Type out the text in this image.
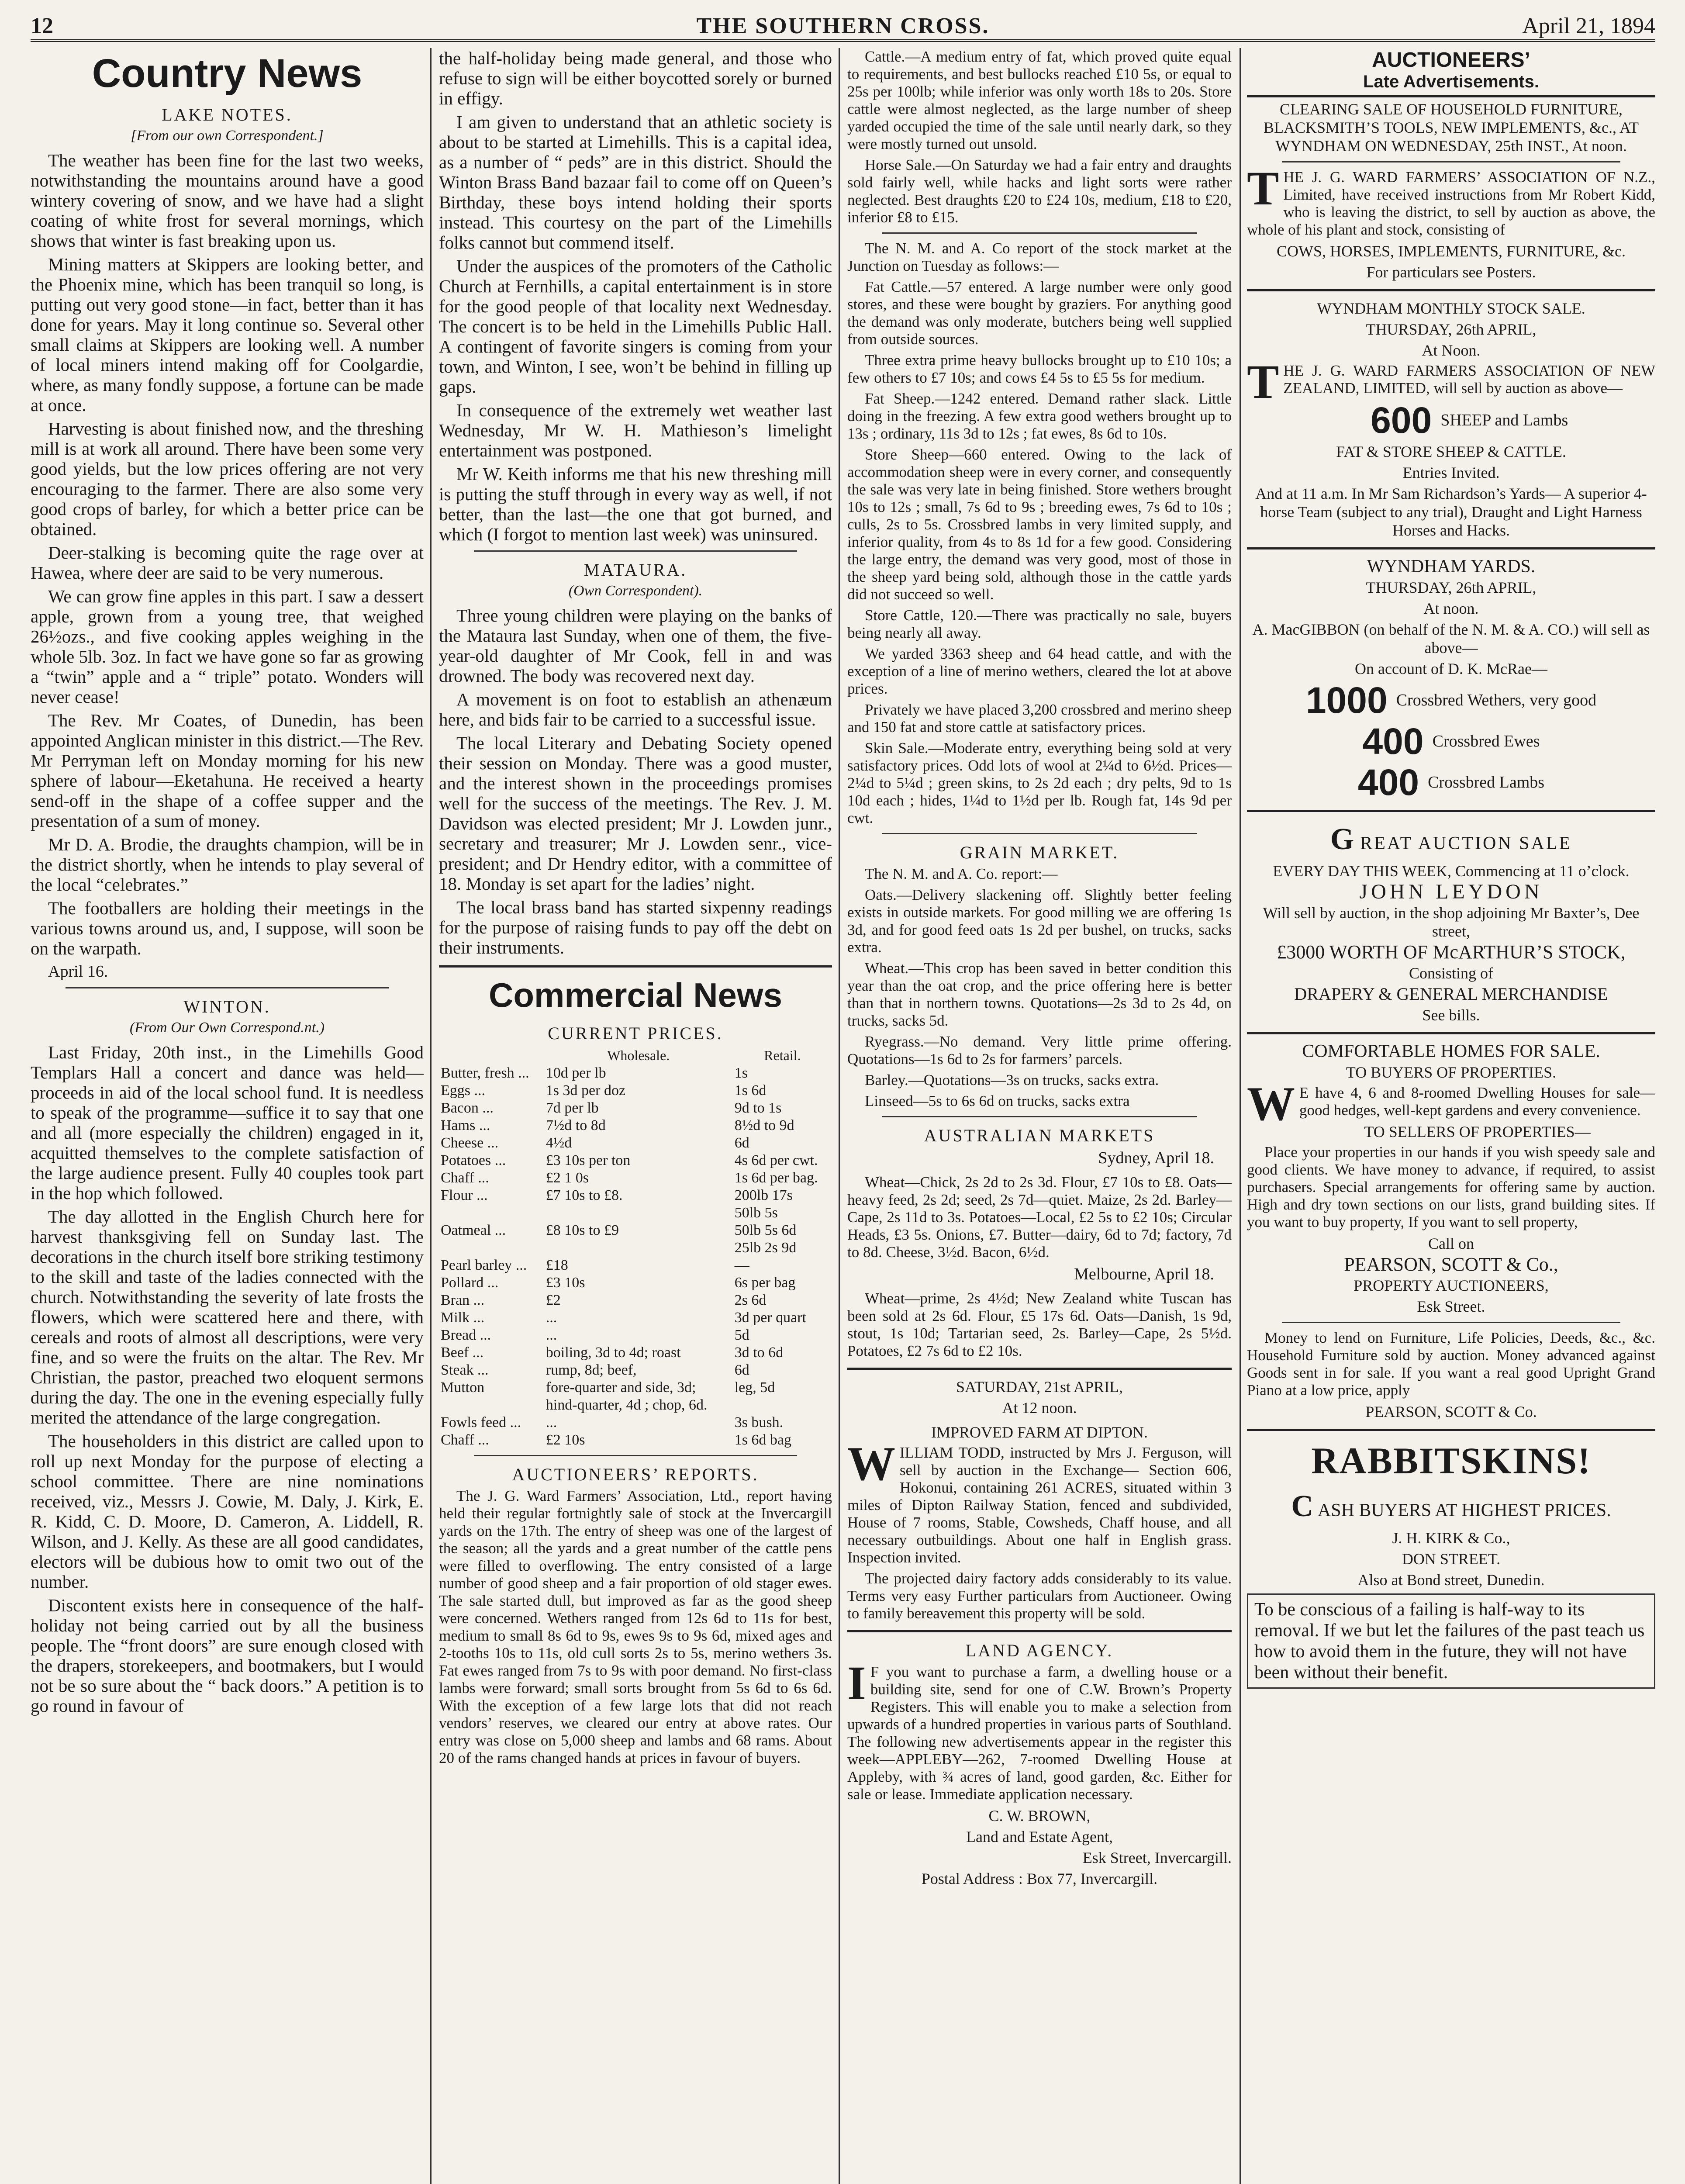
12	THE SOUTHERN CROSS.	April 21, 1894
Country News
LAKE NOTES.
[From our own Correspondent.]

The weather has been fine for the last two weeks, notwithstanding the mountains around have a good wintery covering of snow, and we have had a slight coating of white frost for several mornings, which shows that winter is fast breaking upon us.

Mining matters at Skippers are looking better, and the Phoenix mine, which has been tranquil so long, is putting out very good stone—in fact, better than it has done for years. May it long continue so. Several other small claims at Skippers are looking well. A number of local miners intend making off for Coolgardie, where, as many fondly suppose, a fortune can be made at once.

Harvesting is about finished now, and the threshing mill is at work all around. There have been some very good yields, but the low prices offering are not very encouraging to the farmer. There are also some very good crops of barley, for which a better price can be obtained.

Deer-stalking is becoming quite the rage over at Hawea, where deer are said to be very numerous.

We can grow fine apples in this part. I saw a dessert apple, grown from a young tree, that weighed 26½ozs., and five cooking apples weighing in the whole 5lb. 3oz. In fact we have gone so far as growing a “twin” apple and a “ triple” potato. Wonders will never cease!

The Rev. Mr Coates, of Dunedin, has been appointed Anglican minister in this district.—The Rev. Mr Perryman left on Monday morning for his new sphere of labour—Eketahuna. He received a hearty send-off in the shape of a coffee supper and the presentation of a sum of money.

Mr D. A. Brodie, the draughts champion, will be in the district shortly, when he intends to play several of the local “celebrates.”

The footballers are holding their meetings in the various towns around us, and, I suppose, will soon be on the warpath.

April 16.
WINTON.
(From Our Own Correspond.nt.)

Last Friday, 20th inst., in the Limehills Good Templars Hall a concert and dance was held—proceeds in aid of the local school fund. It is needless to speak of the programme—suffice it to say that one and all (more especially the children) engaged in it, acquitted themselves to the complete satisfaction of the large audience present. Fully 40 couples took part in the hop which followed.

The day allotted in the English Church here for harvest thanksgiving fell on Sunday last. The decorations in the church itself bore striking testimony to the skill and taste of the ladies connected with the church. Notwithstanding the severity of late frosts the flowers, which were scattered here and there, with cereals and roots of almost all descriptions, were very fine, and so were the fruits on the altar. The Rev. Mr Christian, the pastor, preached two eloquent sermons during the day. The one in the evening especially fully merited the attendance of the large congregation.

The householders in this district are called upon to roll up next Monday for the purpose of electing a school committee. There are nine nominations received, viz., Messrs J. Cowie, M. Daly, J. Kirk, E. R. Kidd, C. D. Moore, D. Cameron, A. Liddell, R. Wilson, and J. Kelly. As these are all good candidates, electors will be dubious how to omit two out of the number.

Discontent exists here in consequence of the half-holiday not being carried out by all the business people. The “front doors” are sure enough closed with the drapers, storekeepers, and bootmakers, but I would not be so sure about the “ back doors.” A petition is to go round in favour of

the half-holiday being made general, and those who refuse to sign will be either boycotted sorely or burned in effigy.

I am given to understand that an athletic society is about to be started at Limehills. This is a capital idea, as a number of “ peds” are in this district. Should the Winton Brass Band bazaar fail to come off on Queen’s Birthday, these boys intend holding their sports instead. This courtesy on the part of the Limehills folks cannot but commend itself.

Under the auspices of the promoters of the Catholic Church at Fernhills, a capital entertainment is in store for the good people of that locality next Wednesday. The concert is to be held in the Limehills Public Hall. A contingent of favorite singers is coming from your town, and Winton, I see, won’t be behind in filling up gaps.

In consequence of the extremely wet weather last Wednesday, Mr W. H. Mathieson’s limelight entertainment was postponed.

Mr W. Keith informs me that his new threshing mill is putting the stuff through in every way as well, if not better, than the last—the one that got burned, and which (I forgot to mention last week) was uninsured.

MATAURA.
(Own Correspondent).

Three young children were playing on the banks of the Mataura last Sunday, when one of them, the five-year-old daughter of Mr Cook, fell in and was drowned. The body was recovered next day.

A movement is on foot to establish an athenæum here, and bids fair to be carried to a successful issue.

The local Literary and Debating Society opened their session on Monday. There was a good muster, and the interest shown in the proceedings promises well for the success of the meetings. The Rev. J. M. Davidson was elected president; Mr J. Lowden junr., secretary and treasurer; Mr J. Lowden senr., vice-president; and Dr Hendry editor, with a committee of 18. Monday is set apart for the ladies’ night.

The local brass band has started sixpenny readings for the purpose of raising funds to pay off the debt on their instruments.

Commercial News
CURRENT PRICES.
	Wholesale.	Retail.
Butter, fresh ...	10d per lb	1s
Eggs ...	1s 3d per doz	1s 6d
Bacon ...	7d per lb	9d to 1s
Hams ...	7½d to 8d	8½d to 9d
Cheese ...	4½d	6d
Potatoes ...	£3 10s per ton	4s 6d per cwt.
Chaff ...	£2 1 0s	1s 6d per bag.
Flour ...	£7 10s to £8.	200lb 17s
		50lb 5s
Oatmeal ...	£8 10s to £9	50lb 5s 6d
		25lb 2s 9d
Pearl barley ...	£18	—
Pollard ...	£3 10s	6s per bag
Bran ...	£2	2s 6d
Milk ...	...	3d per quart
Bread ...	...	5d
Beef ...	boiling, 3d to 4d; roast	3d to 6d
Steak ...	rump, 8d; beef,	6d
Mutton	fore-quarter and side, 3d;	leg, 5d
	hind-quarter, 4d ; chop, 6d.	
Fowls feed ...	...	3s bush.
Chaff ...	£2 10s	1s 6d bag
AUCTIONEERS’ REPORTS.

The J. G. Ward Farmers’ Association, Ltd., report having held their regular fortnightly sale of stock at the Invercargill yards on the 17th. The entry of sheep was one of the largest of the season; all the yards and a great number of the cattle pens were filled to overflowing. The entry consisted of a large number of good sheep and a fair proportion of old stager ewes. The sale started dull, but improved as far as the good sheep were concerned. Wethers ranged from 12s 6d to 11s for best, medium to small 8s 6d to 9s, ewes 9s to 9s 6d, mixed ages and 2-tooths 10s to 11s, old cull sorts 2s to 5s, merino wethers 3s. Fat ewes ranged from 7s to 9s with poor demand. No first-class lambs were forward; small sorts brought from 5s 6d to 6s 6d. With the exception of a few large lots that did not reach vendors’ reserves, we cleared our entry at above rates. Our entry was close on 5,000 sheep and lambs and 68 rams. About 20 of the rams changed hands at prices in favour of buyers.

Cattle.—A medium entry of fat, which proved quite equal to requirements, and best bullocks reached £10 5s, or equal to 25s per 100lb; while inferior was only worth 18s to 20s. Store cattle were almost neglected, as the large number of sheep yarded occupied the time of the sale until nearly dark, so they were mostly turned out unsold.

Horse Sale.—On Saturday we had a fair entry and draughts sold fairly well, while hacks and light sorts were rather neglected. Best draughts £20 to £24 10s, medium, £18 to £20, inferior £8 to £15.

The N. M. and A. Co report of the stock market at the Junction on Tuesday as follows:—

Fat Cattle.—57 entered. A large number were only good stores, and these were bought by graziers. For anything good the demand was only moderate, butchers being well supplied from outside sources.

Three extra prime heavy bullocks brought up to £10 10s; a few others to £7 10s; and cows £4 5s to £5 5s for medium.

Fat Sheep.—1242 entered. Demand rather slack. Little doing in the freezing. A few extra good wethers brought up to 13s ; ordinary, 11s 3d to 12s ; fat ewes, 8s 6d to 10s.

Store Sheep—660 entered. Owing to the lack of accommodation sheep were in every corner, and consequently the sale was very late in being finished. Store wethers brought 10s to 12s ; small, 7s 6d to 9s ; breeding ewes, 7s 6d to 10s ; culls, 2s to 5s. Crossbred lambs in very limited supply, and inferior quality, from 4s to 8s 1d for a few good. Considering the large entry, the demand was very good, most of those in the sheep yard being sold, although those in the cattle yards did not succeed so well.

Store Cattle, 120.—There was practically no sale, buyers being nearly all away.

We yarded 3363 sheep and 64 head cattle, and with the exception of a line of merino wethers, cleared the lot at above prices.

Privately we have placed 3,200 crossbred and merino sheep and 150 fat and store cattle at satisfactory prices.

Skin Sale.—Moderate entry, everything being sold at very satisfactory prices. Odd lots of wool at 2¼d to 6½d. Prices—2¼d to 5¼d ; green skins, to 2s 2d each ; dry pelts, 9d to 1s 10d each ; hides, 1¼d to 1½d per lb. Rough fat, 14s 9d per cwt.

GRAIN MARKET.

The N. M. and A. Co. report:—

Oats.—Delivery slackening off. Slightly better feeling exists in outside markets. For good milling we are offering 1s 3d, and for good feed oats 1s 2d per bushel, on trucks, sacks extra.

Wheat.—This crop has been saved in better condition this year than the oat crop, and the price offering here is better than that in northern towns. Quotations—2s 3d to 2s 4d, on trucks, sacks 5d.

Ryegrass.—No demand. Very little prime offering. Quotations—1s 6d to 2s for farmers’ parcels.

Barley.—Quotations—3s on trucks, sacks extra.

Linseed—5s to 6s 6d on trucks, sacks extra

AUSTRALIAN MARKETS
Sydney, April 18.

Wheat—Chick, 2s 2d to 2s 3d. Flour, £7 10s to £8. Oats—heavy feed, 2s 2d; seed, 2s 7d—quiet. Maize, 2s 2d. Barley—Cape, 2s 11d to 3s. Potatoes—Local, £2 5s to £2 10s; Circular Heads, £3 5s. Onions, £7. Butter—dairy, 6d to 7d; factory, 7d to 8d. Cheese, 3½d. Bacon, 6½d.

Melbourne, April 18.

Wheat—prime, 2s 4½d; New Zealand white Tuscan has been sold at 2s 6d. Flour, £5 17s 6d. Oats—Danish, 1s 9d, stout, 1s 10d; Tartarian seed, 2s. Barley—Cape, 2s 5½d. Potatoes, £2 7s 6d to £2 10s.

SATURDAY, 21st APRIL,
At 12 noon.
IMPROVED FARM AT DIPTON.

WILLIAM TODD, instructed by Mrs J. Ferguson, will sell by auction in the Exchange— Section 606, Hokonui, containing 261 ACRES, situated within 3 miles of Dipton Railway Station, fenced and subdivided, House of 7 rooms, Stable, Cowsheds, Chaff house, and all necessary outbuildings. About one half in English grass. Inspection invited.

The projected dairy factory adds considerably to its value. Terms very easy Further particulars from Auctioneer. Owing to family bereavement this property will be sold.

LAND AGENCY.

I F you want to purchase a farm, a dwelling house or a building site, send for one of C.W. Brown’s Property Registers. This will enable you to make a selection from upwards of a hundred properties in various parts of Southland. The following new advertisements appear in the register this week—APPLEBY—262, 7-roomed Dwelling House at Appleby, with ¾ acres of land, good garden, &c. Either for sale or lease. Immediate application necessary.

C. W. BROWN,
Land and Estate Agent,
Esk Street, Invercargill.
Postal Address : Box 77, Invercargill.
AUCTIONEERS’
Late Advertisements.
CLEARING SALE OF HOUSEHOLD FURNITURE, BLACKSMITH’S TOOLS, NEW IMPLEMENTS, &c., AT WYNDHAM ON WEDNESDAY, 25th INST., At noon.

THE J. G. WARD FARMERS’ ASSOCIATION OF N.Z., Limited, have received instructions from Mr Robert Kidd, who is leaving the district, to sell by auction as above, the whole of his plant and stock, consisting of

COWS, HORSES, IMPLEMENTS, FURNITURE, &c.
For particulars see Posters.
WYNDHAM MONTHLY STOCK SALE.
THURSDAY, 26th APRIL,
At Noon.

THE J. G. WARD FARMERS ASSOCIATION OF NEW ZEALAND, LIMITED, will sell by auction as above—

600 SHEEP and Lambs
FAT & STORE SHEEP & CATTLE.
Entries Invited.
And at 11 a.m. In Mr Sam Richardson’s Yards— A superior 4-horse Team (subject to any trial), Draught and Light Harness Horses and Hacks.
WYNDHAM YARDS.
THURSDAY, 26th APRIL,
At noon.
A. MacGIBBON (on behalf of the N. M. & A. CO.) will sell as above—
On account of D. K. McRae—
1000 Crossbred Wethers, very good
400 Crossbred Ewes
400 Crossbred Lambs
GREAT AUCTION SALE
EVERY DAY THIS WEEK, Commencing at 11 o’clock.
JOHN LEYDON
Will sell by auction, in the shop adjoining Mr Baxter’s, Dee street,
£3000 WORTH OF McARTHUR’S STOCK,
Consisting of
DRAPERY & GENERAL MERCHANDISE
See bills.
COMFORTABLE HOMES FOR SALE.
TO BUYERS OF PROPERTIES.

W E have 4, 6 and 8-roomed Dwelling Houses for sale—good hedges, well-kept gardens and every convenience.

TO SELLERS OF PROPERTIES—

Place your properties in our hands if you wish speedy sale and good clients. We have money to advance, if required, to assist purchasers. Special arrangements for offering same by auction. High and dry town sections on our lists, grand building sites. If you want to buy property, If you want to sell property,

Call on
PEARSON, SCOTT & Co.,
PROPERTY AUCTIONEERS,
Esk Street.

Money to lend on Furniture, Life Policies, Deeds, &c., &c. Household Furniture sold by auction. Money advanced against Goods sent in for sale. If you want a real good Upright Grand Piano at a low price, apply

PEARSON, SCOTT & Co.
RABBITSKINS!
CASH BUYERS AT HIGHEST PRICES.
J. H. KIRK & Co.,
DON STREET.
Also at Bond street, Dunedin.
To be conscious of a failing is half-way to its removal. If we but let the failures of the past teach us how to avoid them in the future, they will not have been without their benefit.
